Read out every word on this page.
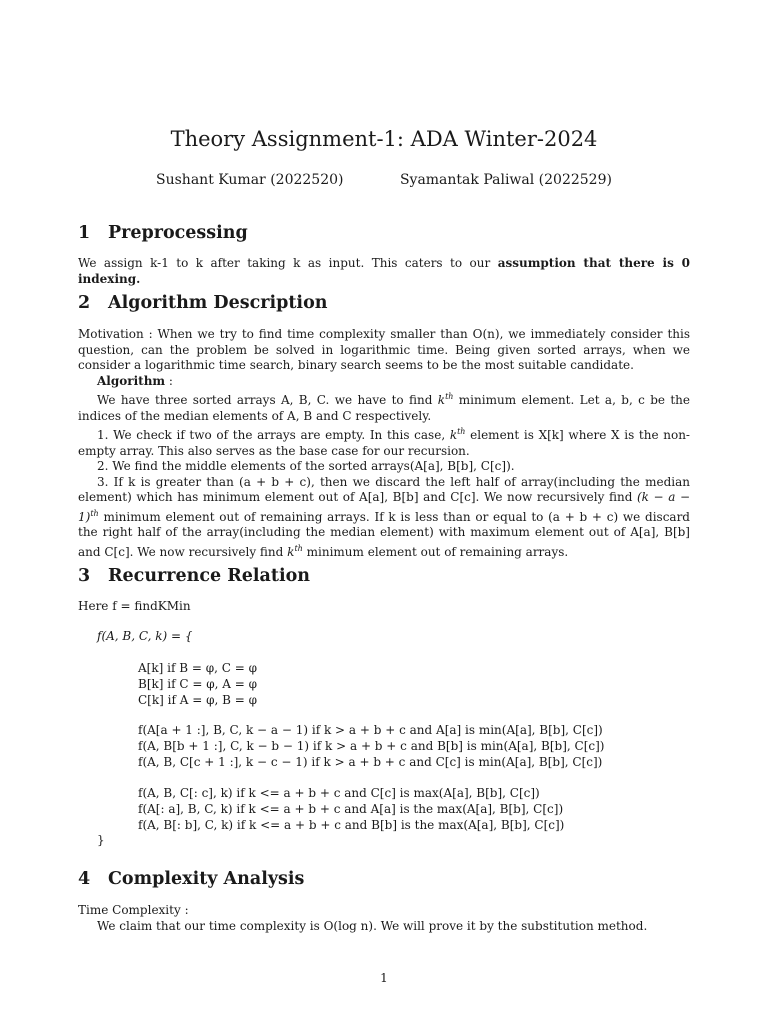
Theory Assignment-1: ADA Winter-2024
Sushant Kumar (2022520)	Syamantak Paliwal (2022529)
1 Preprocessing
We assign k-1 to k after taking k as input. This caters to our assumption that there is 0 indexing.
2 Algorithm Description
Motivation : When we try to find time complexity smaller than O(n), we immediately consider this question, can the problem be solved in logarithmic time. Being given sorted arrays, when we consider a logarithmic time search, binary search seems to be the most suitable candidate.
Algorithm :
We have three sorted arrays A, B, C. we have to find $k^{th}$ minimum element. Let a, b, c be the indices of the median elements of A, B and C respectively.
1. We check if two of the arrays are empty. In this case, $k^{th}$ element is X[k] where X is the non-empty array. This also serves as the base case for our recursion.
2. We find the middle elements of the sorted arrays(A[a], B[b], C[c]).
3. If k is greater than (a + b + c), then we discard the left half of array(including the median element) which has minimum element out of A[a], B[b] and C[c]. We now recursively find $(k - a - 1)^{th}$ minimum element out of remaining arrays. If k is less than or equal to (a + b + c) we discard the right half of the array(including the median element) with maximum element out of A[a], B[b] and C[c]. We now recursively find $k^{th}$ minimum element out of remaining arrays.
3 Recurrence Relation
Here f = findKMin
f(A, B, C, k) = {
A[k] if B = φ, C = φ
B[k] if C = φ, A = φ
C[k] if A = φ, B = φ
f(A[a + 1 :], B, C, k − a − 1) if k > a + b + c and A[a] is min(A[a], B[b], C[c])
f(A, B[b + 1 :], C, k − b − 1) if k > a + b + c and B[b] is min(A[a], B[b], C[c])
f(A, B, C[c + 1 :], k − c − 1) if k > a + b + c and C[c] is min(A[a], B[b], C[c])
f(A, B, C[: c], k) if k <= a + b + c and C[c] is max(A[a], B[b], C[c])
f(A[: a], B, C, k) if k <= a + b + c and A[a] is the max(A[a], B[b], C[c])
f(A, B[: b], C, k) if k <= a + b + c and B[b] is the max(A[a], B[b], C[c])
}
4 Complexity Analysis
Time Complexity :
We claim that our time complexity is O(log n). We will prove it by the substitution method.
1
